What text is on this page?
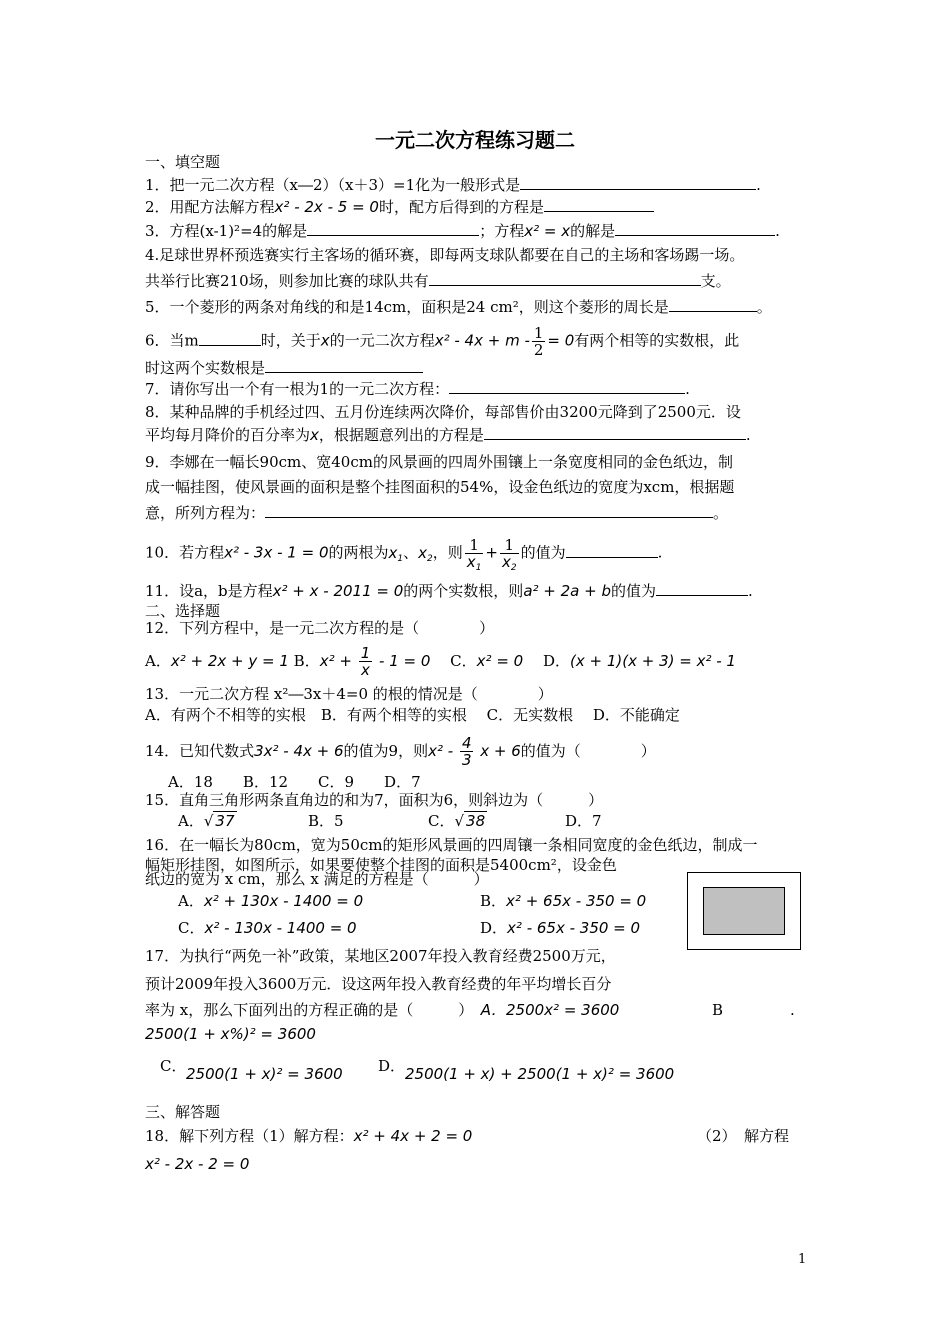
一元二次方程练习题二
一、填空题
1．把一元二次方程（x―2）（x＋3）=1化为一般形式是	.
2．用配方法解方程x² - 2x - 5 = 0时，配方后得到的方程是
3．方程(x-1)²=4的解是	；方程x² = x的解是	.
4.足球世界杯预选赛实行主客场的循环赛，即每两支球队都要在自己的主场和客场踢一场。
共举行比赛210场，则参加比赛的球队共有	支。
5．一个菱形的两条对角线的和是14cm，面积是24 cm²，则这个菱形的周长是	。
6．当m	时，关于x的一元二次方程$x^2 - 4x + m - \frac{1}{2} = 0$有两个相等的实数根，此
时这两个实数根是
7．请你写出一个有一根为1的一元二次方程：	.
8．某种品牌的手机经过四、五月份连续两次降价，每部售价由3200元降到了2500元．设
平均每月降价的百分率为x，根据题意列出的方程是	.
9．李娜在一幅长90cm、宽40cm的风景画的四周外围镶上一条宽度相同的金色纸边，制
成一幅挂图，使风景画的面积是整个挂图面积的54%，设金色纸边的宽度为xcm，根据题
意，所列方程为：	。
10．若方程x² - 3x - 1 = 0的两根为$x_1$、$x_2$，则 $\frac{1}{x_1} + \frac{1}{x_2}$ 的值为	.
11．设a，b是方程x² + x - 2011 = 0的两个实数根，则a² + 2a + b的值为	.
二、选择题
12．下列方程中，是一元二次方程的是（　　　　）
A．x² + 2x + y = 1 B．$x^2 + \frac{1}{x} - 1 = 0$ 　 C．x² = 0 　 D．(x + 1)(x + 3) = x² - 1
13．一元二次方程 x²―3x＋4=0 的根的情况是（　　　　）
A．有两个不相等的实根　B．有两个相等的实根　 C．无实数根　 D．不能确定
14．已知代数式3x² - 4x + 6的值为9，则$x^2 - \frac{4}{3}$ x + 6的值为（　　　　）
A．18　　B．12　　C．9　　D．7
15．直角三角形两条直角边的和为7，面积为6，则斜边为（　　　）
A．√ 37	B．5	C．√ 38	D．7
16．在一幅长为80cm，宽为50cm的矩形风景画的四周镶一条相同宽度的金色纸边，制成一
幅矩形挂图，如图所示，如果要使整个挂图的面积是5400cm²，设金色
纸边的宽为 x cm，那么 x 满足的方程是（　　　）
A．x² + 130x - 1400 = 0	B．x² + 65x - 350 = 0
C．x² - 130x - 1400 = 0	D．x² - 65x - 350 = 0
17．为执行“两免一补”政策，某地区2007年投入教育经费2500万元，
预计2009年投入3600万元．设这两年投入教育经费的年平均增长百分
率为 x，那么下面列出的方程正确的是（　　　）　 A．2500x² = 3600	B	.
2500(1 + x%)² = 3600
C． 2500(1 + x)² = 3600 D． 2500(1 + x) + 2500(1 + x)² = 3600
三、解答题
18．解下列方程（1）解方程：x² + 4x + 2 = 0	（2）　解方程
x² - 2x - 2 = 0
1
